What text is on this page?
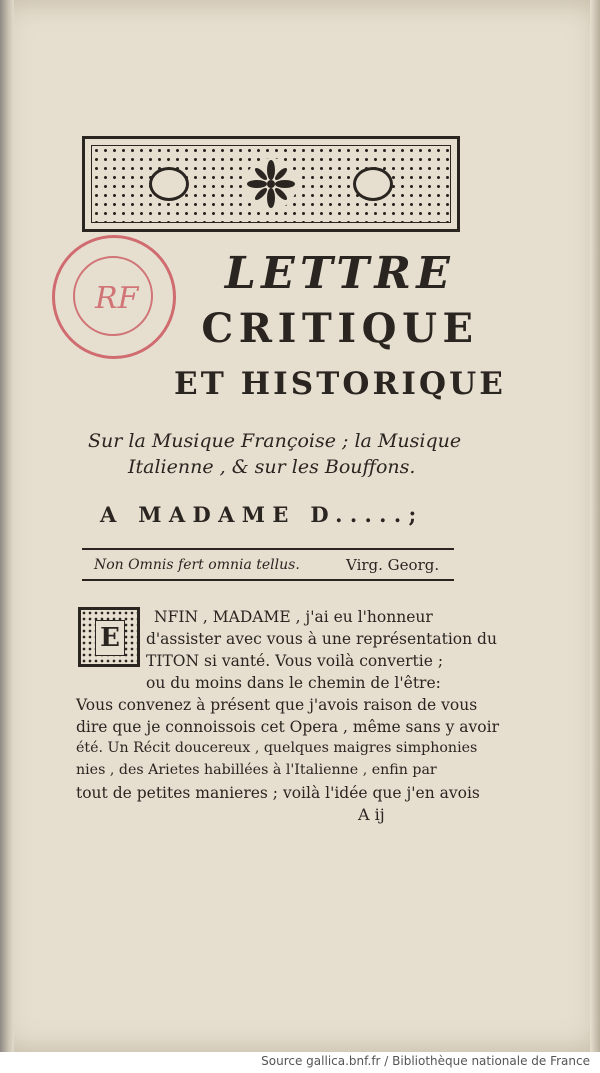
RF	LETTRE
CRITIQUE
ET HISTORIQUE
Sur la Musique Françoise ; la Musique
Italienne , & sur les Bouffons.
A MADAME D.....;
Non Omnis fert omnia tellus.	Virg. Georg.
E
NFIN , MADAME , j'ai eu l'honneur
d'assister avec vous à une représentation du
TITON si vanté. Vous voilà convertie ;
ou du moins dans le chemin de l'être:
Vous convenez à présent que j'avois raison de vous
dire que je connoissois cet Opera , même sans y avoir
été. Un Récit doucereux , quelques maigres simphonies
nies , des Arietes habillées à l'Italienne , enfin par
tout de petites manieres ; voilà l'idée que j'en avois
A ij
Source gallica.bnf.fr / Bibliothèque nationale de France
